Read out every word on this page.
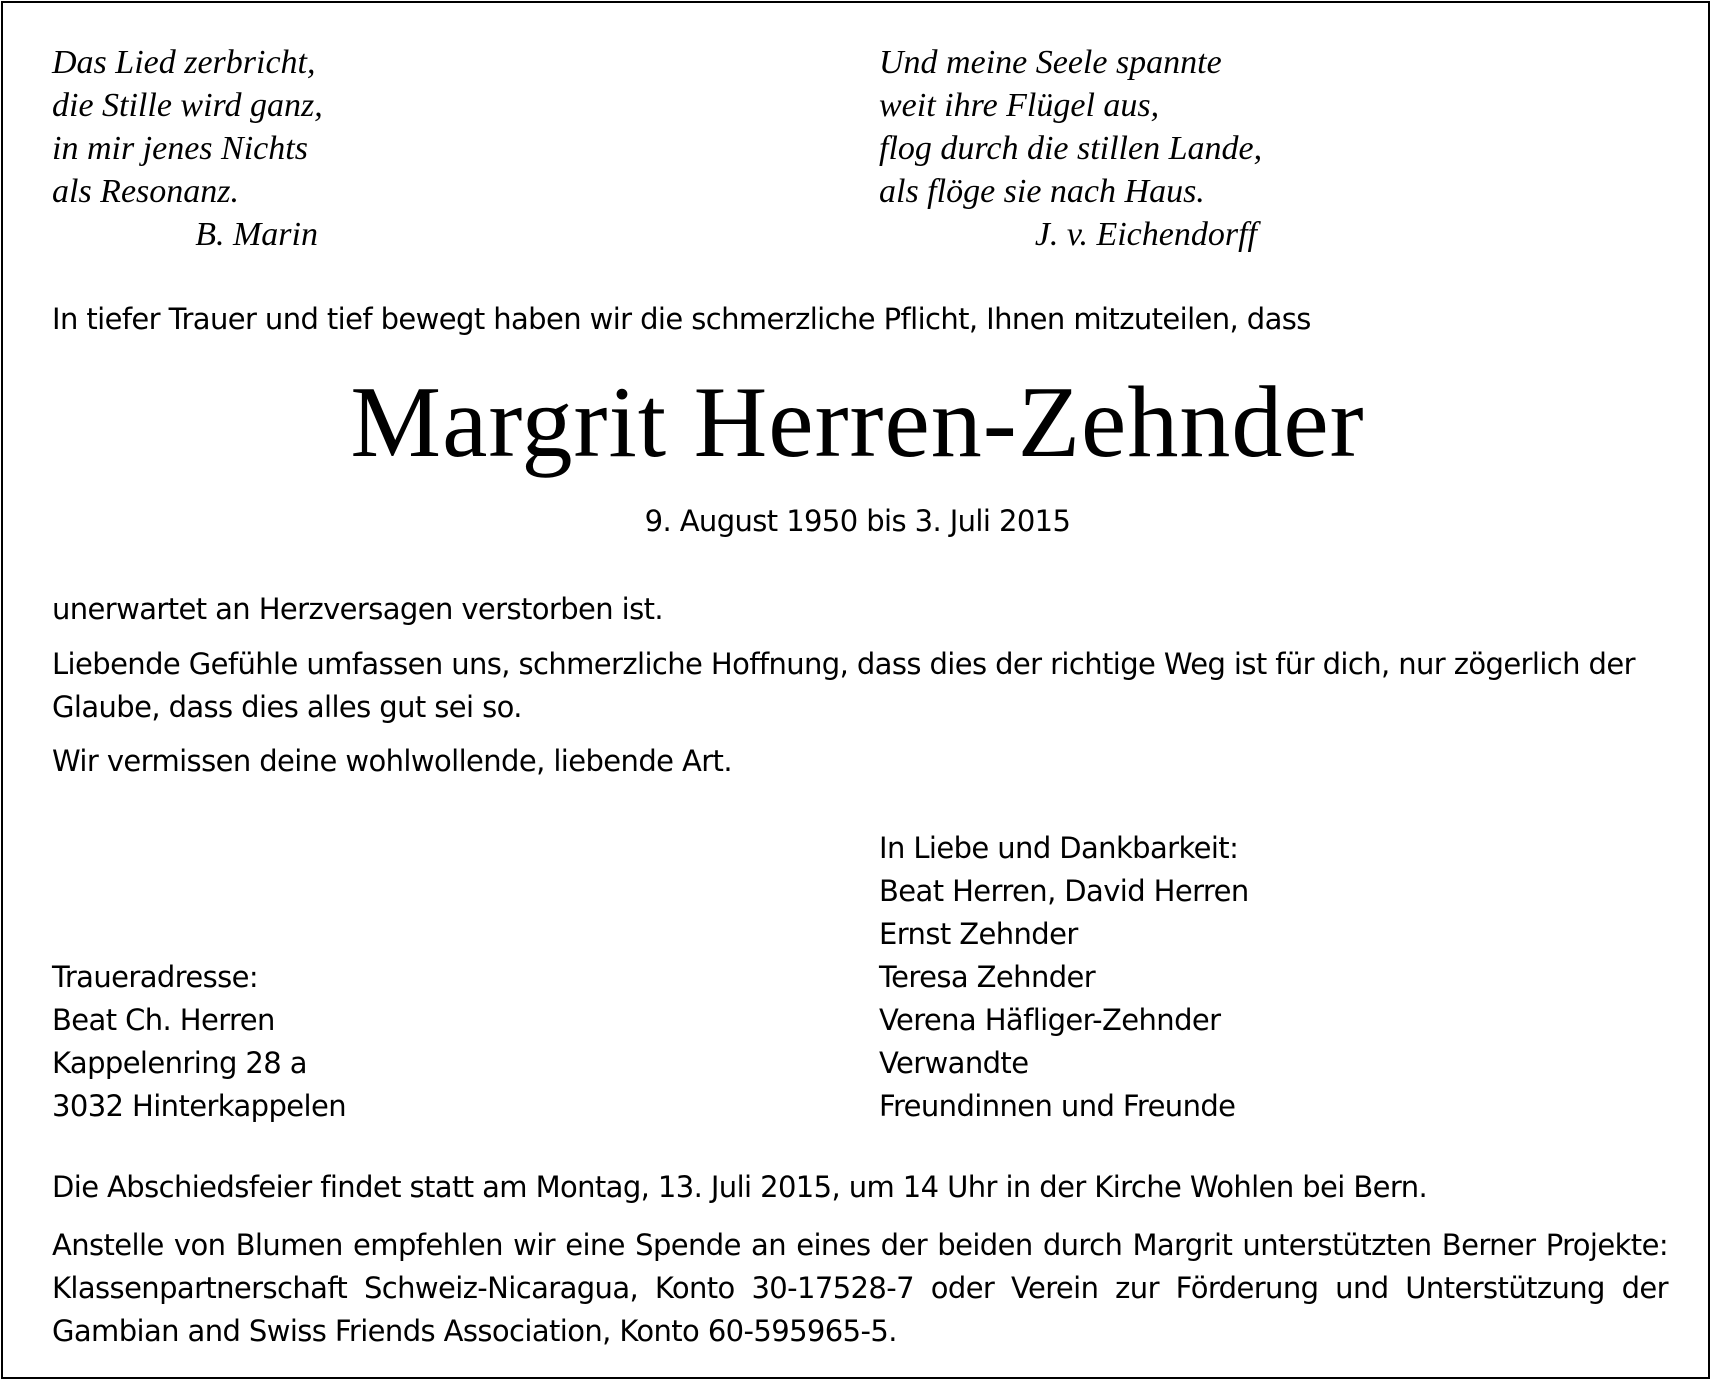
Das Lied zerbricht,
die Stille wird ganz,
in mir jenes Nichts
als Resonanz.
B. Marin
Und meine Seele spannte
weit ihre Flügel aus,
flog durch die stillen Lande,
als flöge sie nach Haus.
J. v. Eichendorff
In tiefer Trauer und tief bewegt haben wir die schmerzliche Pflicht, Ihnen mitzuteilen, dass
Margrit Herren-Zehnder
9. August 1950 bis 3. Juli 2015
unerwartet an Herzversagen verstorben ist.
Liebende Gefühle umfassen uns, schmerzliche Hoffnung, dass dies der richtige Weg ist für dich, nur zögerlich der Glaube, dass dies alles gut sei so.
Wir vermissen deine wohlwollende, liebende Art.
In Liebe und Dankbarkeit:
Beat Herren, David Herren
Ernst Zehnder
Teresa Zehnder
Verena Häfliger-Zehnder
Verwandte
Freundinnen und Freunde
Traueradresse:
Beat Ch. Herren
Kappelenring 28 a
3032 Hinterkappelen
Die Abschiedsfeier findet statt am Montag, 13. Juli 2015, um 14 Uhr in der Kirche Wohlen bei Bern.
Anstelle von Blumen empfehlen wir eine Spende an eines der beiden durch Margrit unterstützten Berner Projekte: Klassenpartnerschaft Schweiz-Nicaragua, Konto 30-17528-7 oder Verein zur Förderung und Unterstützung der Gambian and Swiss Friends Association, Konto 60-595965-5.
